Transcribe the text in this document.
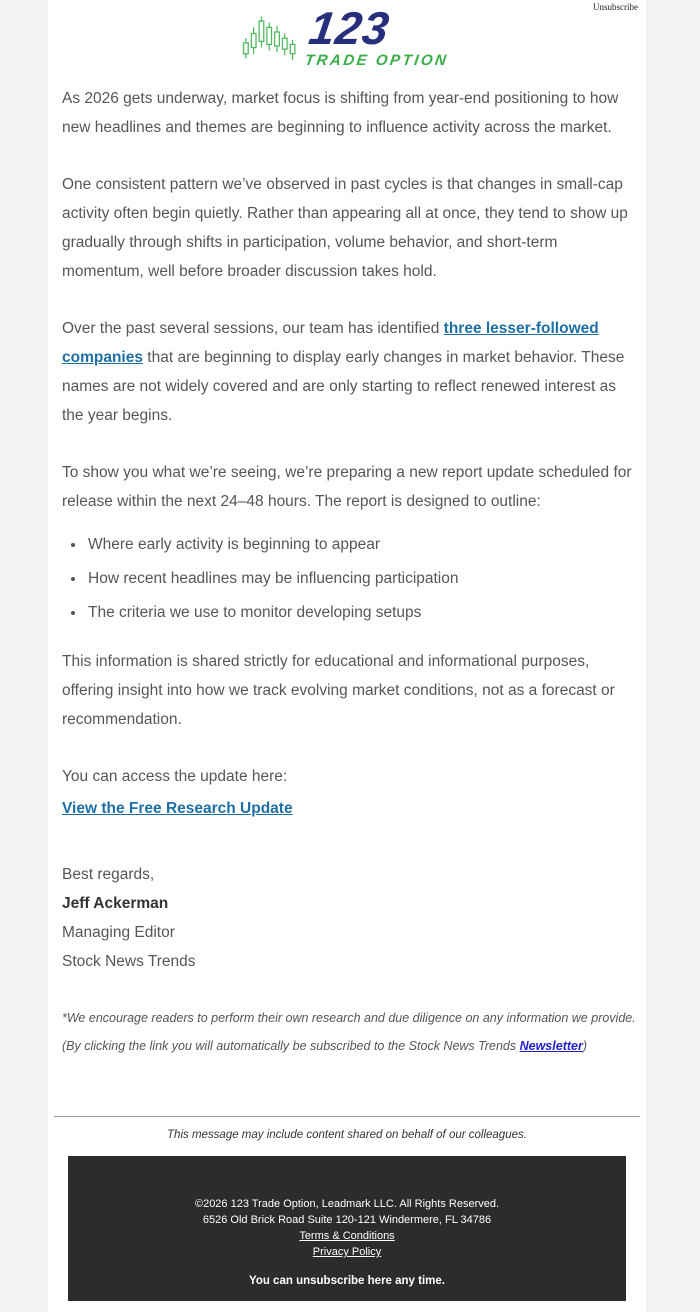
Unsubscribe
123
TRADE OPTION

As 2026 gets underway, market focus is shifting from year-end positioning to how new headlines and themes are beginning to influence activity across the market.

One consistent pattern we’ve observed in past cycles is that changes in small-cap activity often begin quietly. Rather than appearing all at once, they tend to show up gradually through shifts in participation, volume behavior, and short-term momentum, well before broader discussion takes hold.

Over the past several sessions, our team has identified three lesser-followed companies that are beginning to display early changes in market behavior. These names are not widely covered and are only starting to reflect renewed interest as the year begins.

To show you what we’re seeing, we’re preparing a new report update scheduled for release within the next 24–48 hours. The report is designed to outline:

• Where early activity is beginning to appear
• How recent headlines may be influencing participation
• The criteria we use to monitor developing setups

This information is shared strictly for educational and informational purposes, offering insight into how we track evolving market conditions, not as a forecast or recommendation.

You can access the update here:

View the Free Research Update

Best regards,
Jeff Ackerman
Managing Editor
Stock News Trends
*We encourage readers to perform their own research and due diligence on any information we provide.
(By clicking the link you will automatically be subscribed to the Stock News Trends Newsletter)
This message may include content shared on behalf of our colleagues.
©2026 123 Trade Option, Leadmark LLC. All Rights Reserved.
6526 Old Brick Road Suite 120-121 Windermere, FL 34786
Terms & Conditions
Privacy Policy
You can unsubscribe here any time.
